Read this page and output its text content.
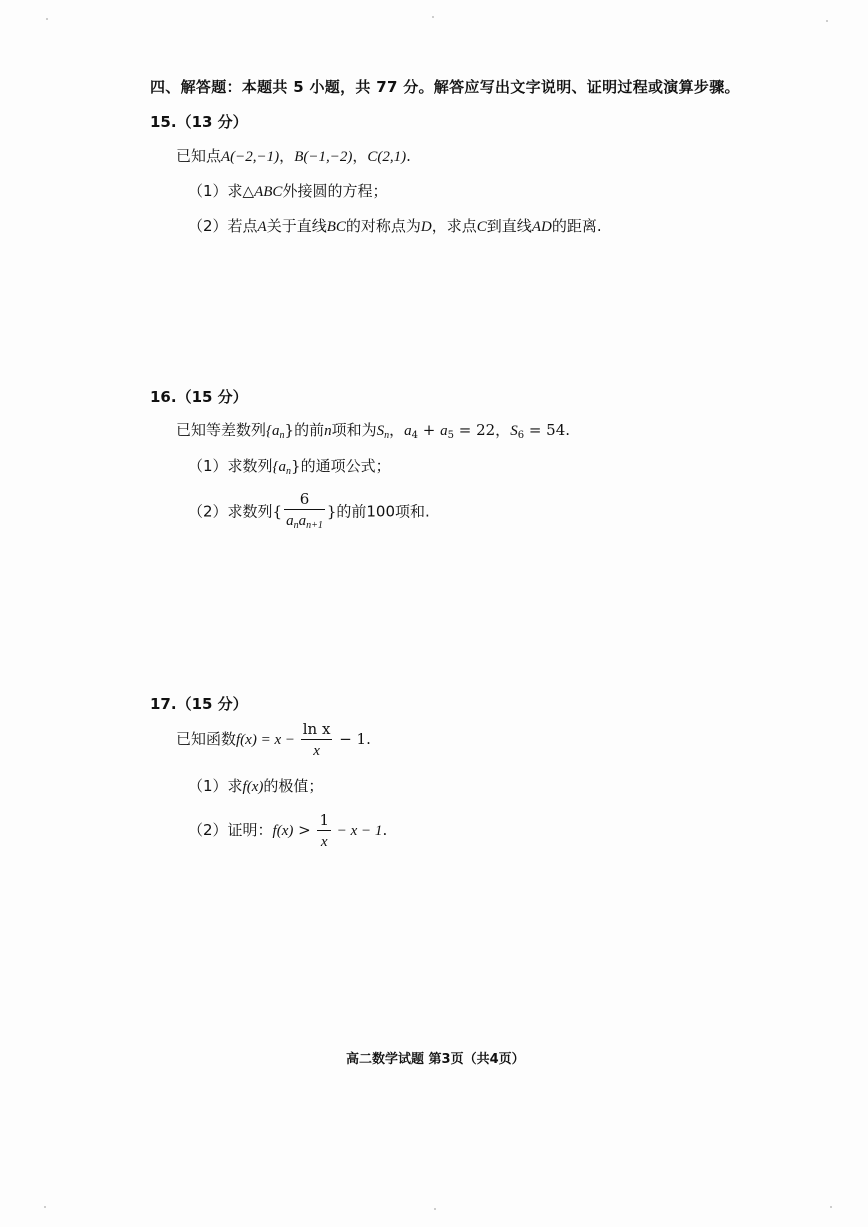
四、解答题：本题共 5 小题，共 77 分。解答应写出文字说明、证明过程或演算步骤。
15.（13 分）
已知点A(−2,−1)，B(−1,−2)，C(2,1).
（1）求△ABC外接圆的方程；
（2）若点A关于直线BC的对称点为D，求点C到直线AD的距离.
16.（15 分）
已知等差数列$\{a_n\}$的前n项和为$S_n$，$a_4 + a_5 = 22$，$S_6 = 54$.
（1）求数列$\{a_n\}$的通项公式；
（2）求数列{ $\frac{6}{a_na_{n+1}}$ }的前100项和.
17.（15 分）
已知函数$f(x) = x - \frac{\text{ln x}}{x} - 1$.
（1）求f(x)的极值；
（2）证明：$f(x) > \frac{1}{x} - x - 1$.
高二数学试题 第3页（共4页）
